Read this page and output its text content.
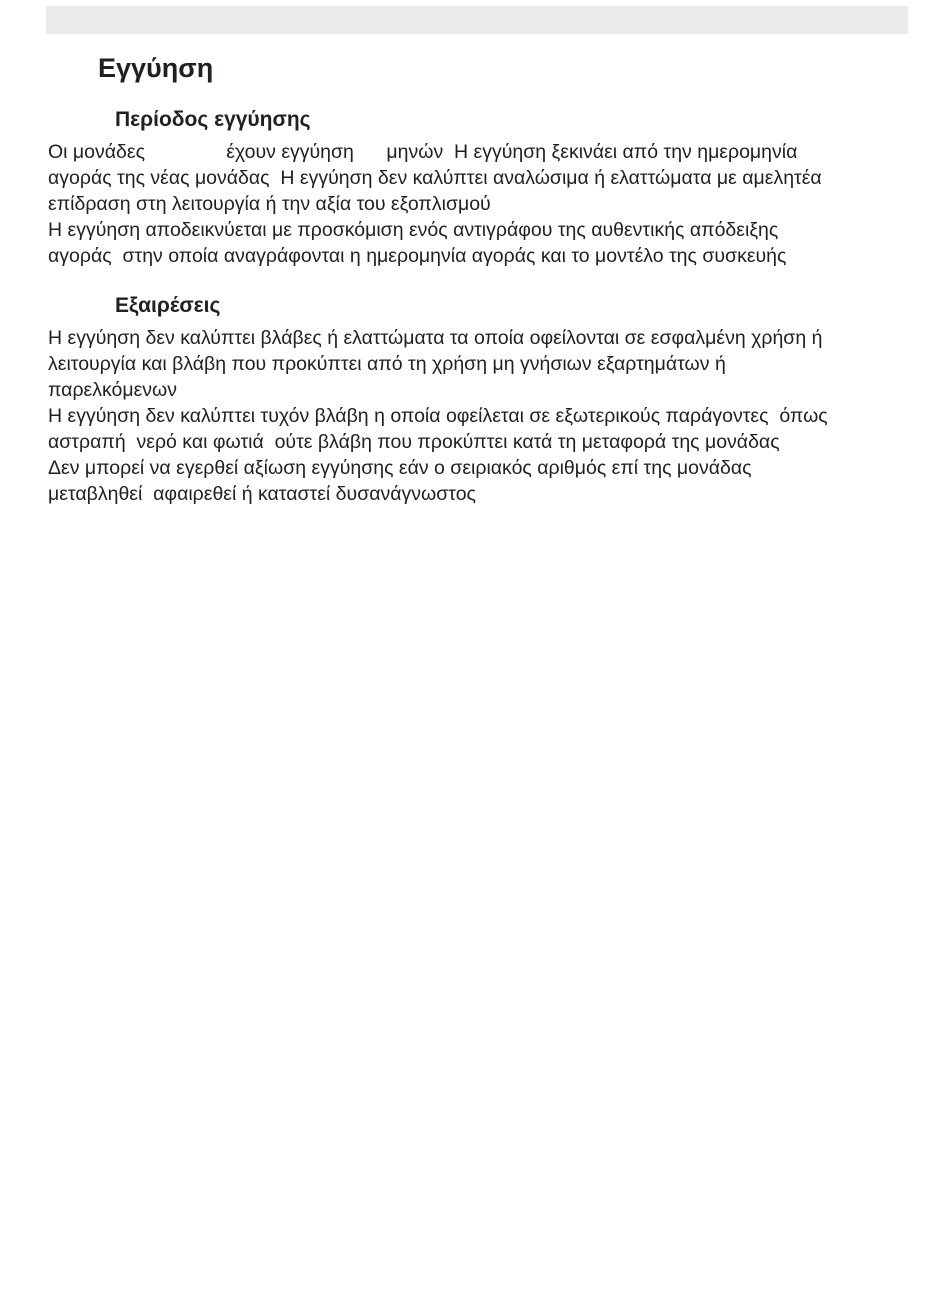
Εγγύηση
Περίοδος εγγύησης

Οι μονάδες               έχουν εγγύηση      μηνών  Η εγγύηση ξεκινάει από την ημερομηνία
αγοράς της νέας μονάδας  Η εγγύηση δεν καλύπτει αναλώσιμα ή ελαττώματα με αμελητέα
επίδραση στη λειτουργία ή την αξία του εξοπλισμού
Η εγγύηση αποδεικνύεται με προσκόμιση ενός αντιγράφου της αυθεντικής απόδειξης
αγοράς  στην οποία αναγράφονται η ημερομηνία αγοράς και το μοντέλο της συσκευής

Εξαιρέσεις

Η εγγύηση δεν καλύπτει βλάβες ή ελαττώματα τα οποία οφείλονται σε εσφαλμένη χρήση ή
λειτουργία και βλάβη που προκύπτει από τη χρήση μη γνήσιων εξαρτημάτων ή
παρελκόμενων
Η εγγύηση δεν καλύπτει τυχόν βλάβη η οποία οφείλεται σε εξωτερικούς παράγοντες  όπως
αστραπή  νερό και φωτιά  ούτε βλάβη που προκύπτει κατά τη μεταφορά της μονάδας
Δεν μπορεί να εγερθεί αξίωση εγγύησης εάν ο σειριακός αριθμός επί της μονάδας
μεταβληθεί  αφαιρεθεί ή καταστεί δυσανάγνωστος
